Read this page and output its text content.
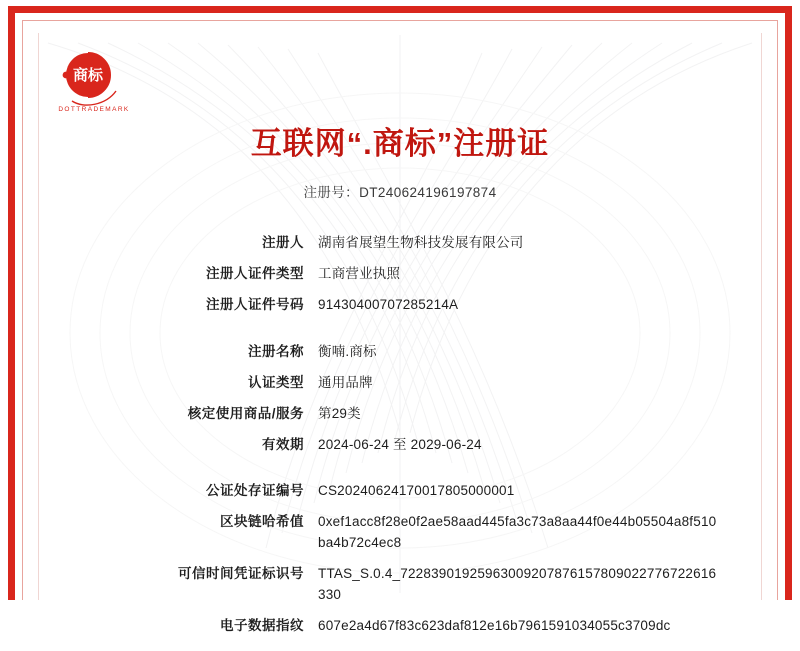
商标
DOTTRADEMARK
互联网“.商标”注册证
注册号：DT240624196197874
注册人	湖南省展望生物科技发展有限公司
注册人证件类型	工商营业执照
注册人证件号码	91430400707285214A
注册名称	衡喃.商标
认证类型	通用品牌
核定使用商品/服务	第29类
有效期	2024-06-24 至 2029-06-24
公证处存证编号	CS20240624170017805000001
区块链哈希值	0xef1acc8f28e0f2ae58aad445fa3c73a8aa44f0e44b05504a8f510ba4b72c4ec8
可信时间凭证标识号	TTAS_S.0.4_72283901925963009207876157809022776722616330
电子数据指纹	607e2a4d67f83c623daf812e16b7961591034055c3709dc
